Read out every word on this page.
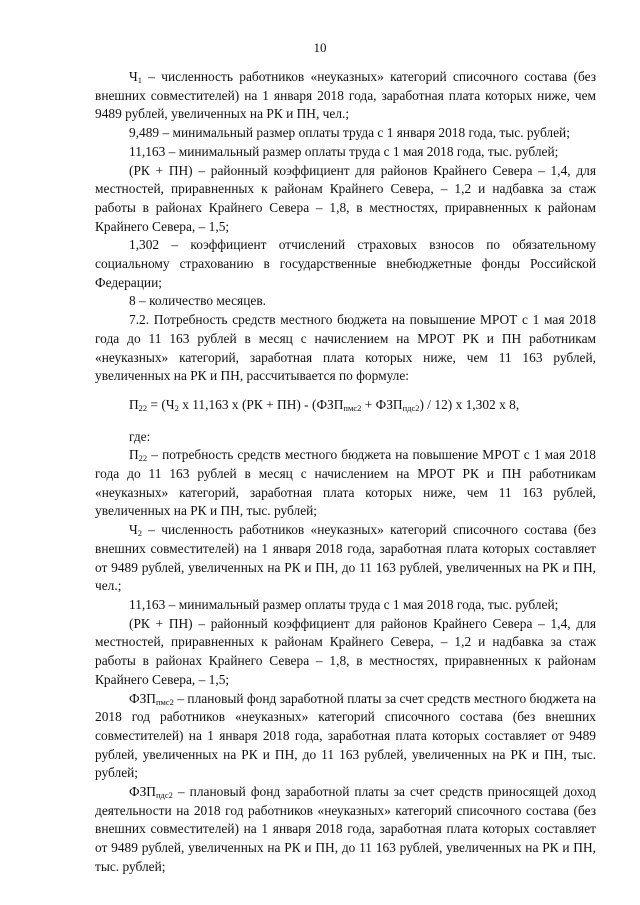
10

$Ч_1$ – численность работников «неуказных» категорий списочного состава (без внешних совместителей) на 1 января 2018 года, заработная плата которых ниже, чем 9489 рублей, увеличенных на РК и ПН, чел.;

9,489 – минимальный размер оплаты труда с 1 января 2018 года, тыс. рублей;

11,163 – минимальный размер оплаты труда с 1 мая 2018 года, тыс. рублей;

(РК + ПН) – районный коэффициент для районов Крайнего Севера – 1,4, для местностей, приравненных к районам Крайнего Севера, – 1,2 и надбавка за стаж работы в районах Крайнего Севера – 1,8, в местностях, приравненных к районам Крайнего Севера, – 1,5;

1,302 – коэффициент отчислений страховых взносов по обязательному социальному страхованию в государственные внебюджетные фонды Российской Федерации;

8 – количество месяцев.

7.2. Потребность средств местного бюджета на повышение МРОТ с 1 мая 2018 года до 11 163 рублей в месяц с начислением на МРОТ РК и ПН работникам «неуказных» категорий, заработная плата которых ниже, чем 11 163 рублей, увеличенных на РК и ПН, рассчитывается по формуле:

$П_{22} = (Ч_2$ х 11,163 х $(РК + ПН) - (ФЗП_{пмс2} + ФЗП_{пдс2}) / 12$) х 1,302 х 8,

где:

$П_{22}$ – потребность средств местного бюджета на повышение МРОТ с 1 мая 2018 года до 11 163 рублей в месяц с начислением на МРОТ РК и ПН работникам «неуказных» категорий, заработная плата которых ниже, чем 11 163 рублей, увеличенных на РК и ПН, тыс. рублей;

$Ч_2$ – численность работников «неуказных» категорий списочного состава (без внешних совместителей) на 1 января 2018 года, заработная плата которых составляет от 9489 рублей, увеличенных на РК и ПН, до 11 163 рублей, увеличенных на РК и ПН, чел.;

11,163 – минимальный размер оплаты труда с 1 мая 2018 года, тыс. рублей;

(РК + ПН) – районный коэффициент для районов Крайнего Севера – 1,4, для местностей, приравненных к районам Крайнего Севера, – 1,2 и надбавка за стаж работы в районах Крайнего Севера – 1,8, в местностях, приравненных к районам Крайнего Севера, – 1,5;

$ФЗП_{пмс2}$ – плановый фонд заработной платы за счет средств местного бюджета на 2018 год работников «неуказных» категорий списочного состава (без внешних совместителей) на 1 января 2018 года, заработная плата которых составляет от 9489 рублей, увеличенных на РК и ПН, до 11 163 рублей, увеличенных на РК и ПН, тыс. рублей;

$ФЗП_{пдс2}$ – плановый фонд заработной платы за счет средств приносящей доход деятельности на 2018 год работников «неуказных» категорий списочного состава (без внешних совместителей) на 1 января 2018 года, заработная плата которых составляет от 9489 рублей, увеличенных на РК и ПН, до 11 163 рублей, увеличенных на РК и ПН, тыс. рублей;
